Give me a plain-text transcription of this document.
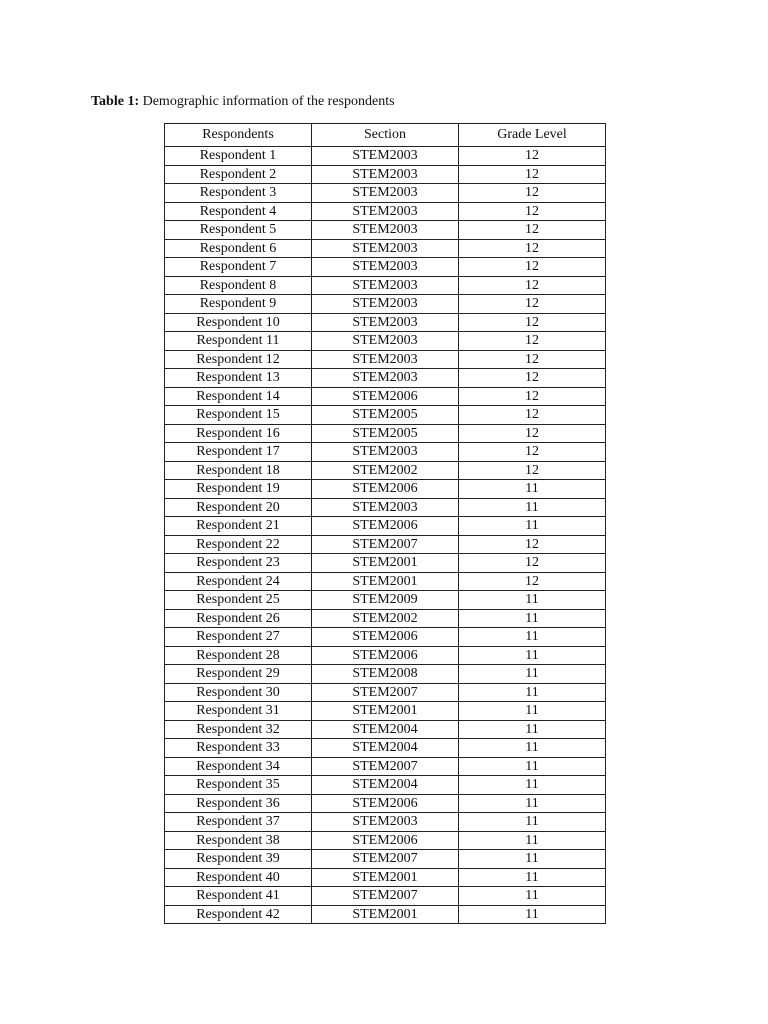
Table 1: Demographic information of the respondents
Respondents	Section	Grade Level
Respondent 1	STEM2003	12
Respondent 2	STEM2003	12
Respondent 3	STEM2003	12
Respondent 4	STEM2003	12
Respondent 5	STEM2003	12
Respondent 6	STEM2003	12
Respondent 7	STEM2003	12
Respondent 8	STEM2003	12
Respondent 9	STEM2003	12
Respondent 10	STEM2003	12
Respondent 11	STEM2003	12
Respondent 12	STEM2003	12
Respondent 13	STEM2003	12
Respondent 14	STEM2006	12
Respondent 15	STEM2005	12
Respondent 16	STEM2005	12
Respondent 17	STEM2003	12
Respondent 18	STEM2002	12
Respondent 19	STEM2006	11
Respondent 20	STEM2003	11
Respondent 21	STEM2006	11
Respondent 22	STEM2007	12
Respondent 23	STEM2001	12
Respondent 24	STEM2001	12
Respondent 25	STEM2009	11
Respondent 26	STEM2002	11
Respondent 27	STEM2006	11
Respondent 28	STEM2006	11
Respondent 29	STEM2008	11
Respondent 30	STEM2007	11
Respondent 31	STEM2001	11
Respondent 32	STEM2004	11
Respondent 33	STEM2004	11
Respondent 34	STEM2007	11
Respondent 35	STEM2004	11
Respondent 36	STEM2006	11
Respondent 37	STEM2003	11
Respondent 38	STEM2006	11
Respondent 39	STEM2007	11
Respondent 40	STEM2001	11
Respondent 41	STEM2007	11
Respondent 42	STEM2001	11
